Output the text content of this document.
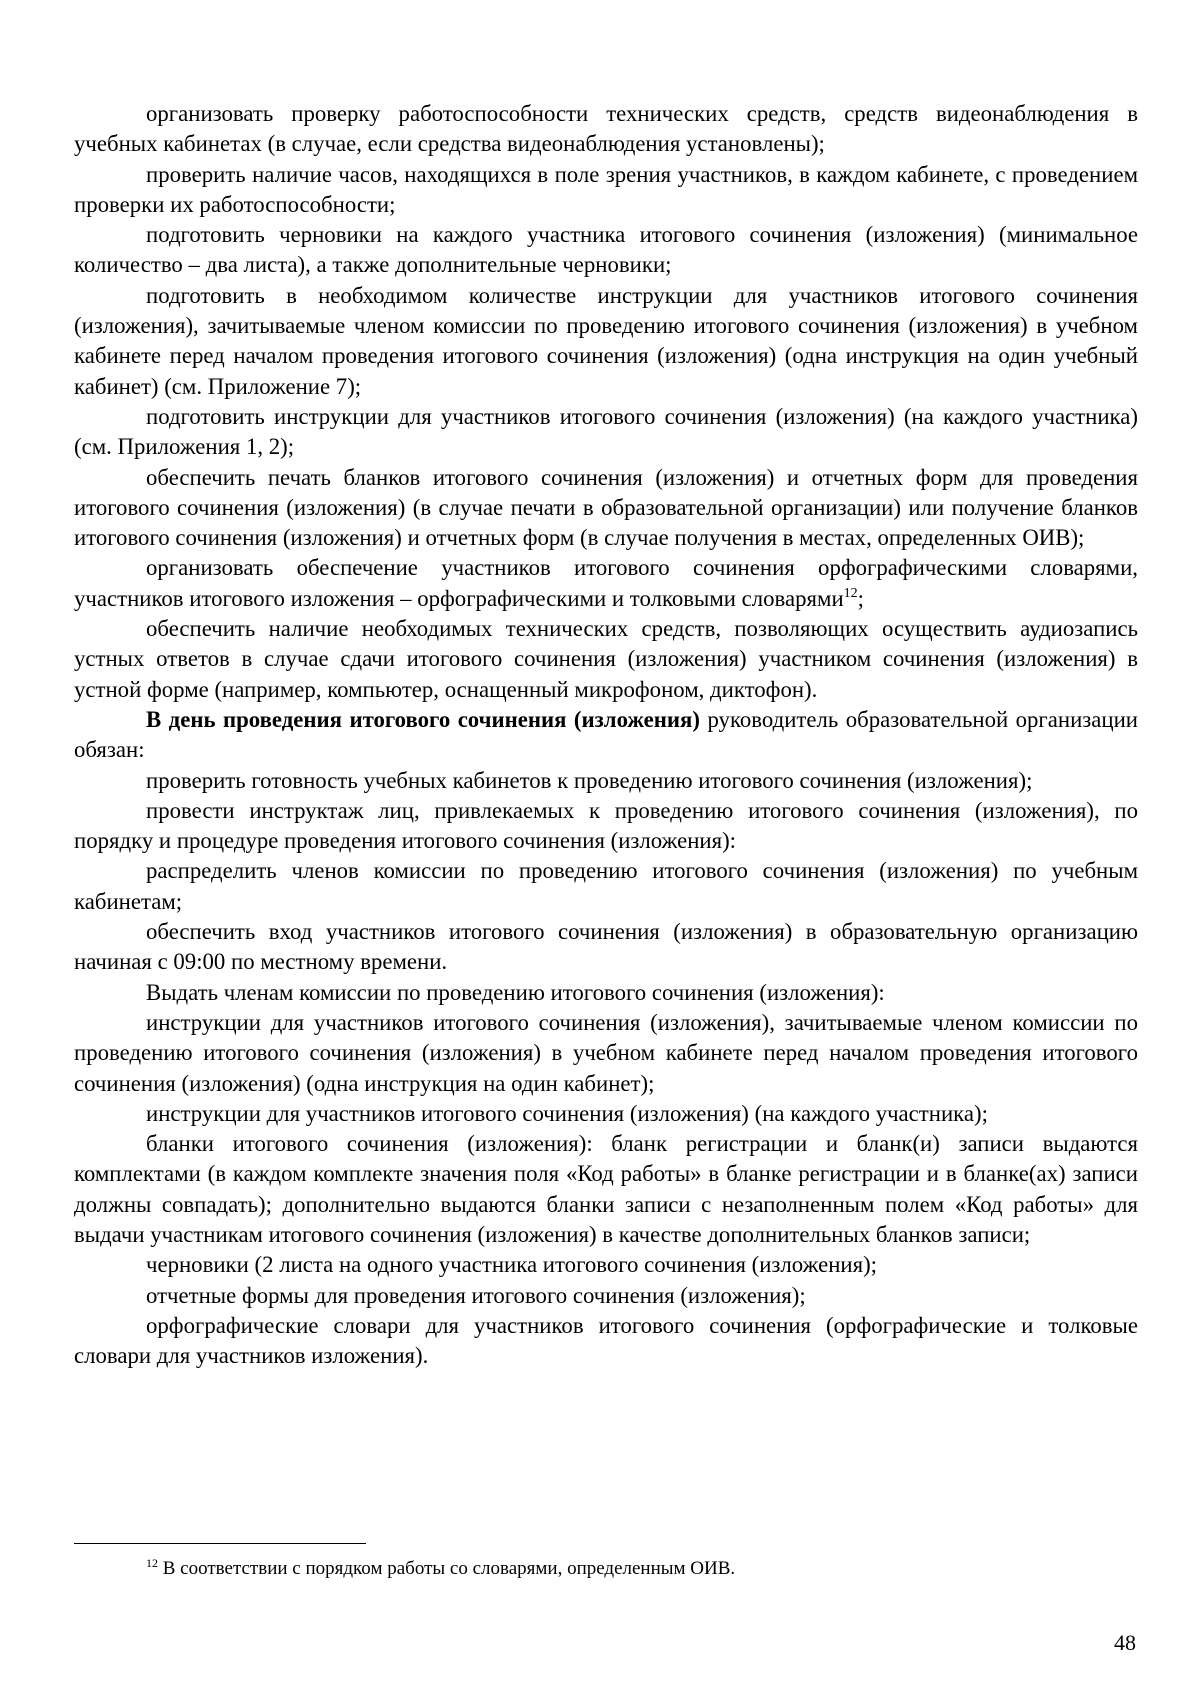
организовать проверку работоспособности технических средств, средств видеонаблюдения в учебных кабинетах (в случае, если средства видеонаблюдения установлены);

проверить наличие часов, находящихся в поле зрения участников, в каждом кабинете, с проведением проверки их работоспособности;

подготовить черновики на каждого участника итогового сочинения (изложения) (минимальное количество – два листа), а также дополнительные черновики;

подготовить в необходимом количестве инструкции для участников итогового сочинения (изложения), зачитываемые членом комиссии по проведению итогового сочинения (изложения) в учебном кабинете перед началом проведения итогового сочинения (изложения) (одна инструкция на один учебный кабинет) (см. Приложение 7);

подготовить инструкции для участников итогового сочинения (изложения) (на каждого участника) (см. Приложения 1, 2);

обеспечить печать бланков итогового сочинения (изложения) и отчетных форм для проведения итогового сочинения (изложения) (в случае печати в образовательной организации) или получение бланков итогового сочинения (изложения) и отчетных форм (в случае получения в местах, определенных ОИВ);

организовать обеспечение участников итогового сочинения орфографическими словарями, участников итогового изложения – орфографическими и толковыми словарями$^{12}$;

обеспечить наличие необходимых технических средств, позволяющих осуществить аудиозапись устных ответов в случае сдачи итогового сочинения (изложения) участником сочинения (изложения) в устной форме (например, компьютер, оснащенный микрофоном, диктофон).

В день проведения итогового сочинения (изложения) руководитель образовательной организации обязан:

проверить готовность учебных кабинетов к проведению итогового сочинения (изложения);

провести инструктаж лиц, привлекаемых к проведению итогового сочинения (изложения), по порядку и процедуре проведения итогового сочинения (изложения):

распределить членов комиссии по проведению итогового сочинения (изложения) по учебным кабинетам;

обеспечить вход участников итогового сочинения (изложения) в образовательную организацию начиная с 09:00 по местному времени.

Выдать членам комиссии по проведению итогового сочинения (изложения):

инструкции для участников итогового сочинения (изложения), зачитываемые членом комиссии по проведению итогового сочинения (изложения) в учебном кабинете перед началом проведения итогового сочинения (изложения) (одна инструкция на один кабинет);

инструкции для участников итогового сочинения (изложения) (на каждого участника);

бланки итогового сочинения (изложения): бланк регистрации и бланк(и) записи выдаются комплектами (в каждом комплекте значения поля «Код работы» в бланке регистрации и в бланке(ах) записи должны совпадать); дополнительно выдаются бланки записи с незаполненным полем «Код работы» для выдачи участникам итогового сочинения (изложения) в качестве дополнительных бланков записи;

черновики (2 листа на одного участника итогового сочинения (изложения);

отчетные формы для проведения итогового сочинения (изложения);

орфографические словари для участников итогового сочинения (орфографические и толковые словари для участников изложения).

$^{12}$ В соответствии с порядком работы со словарями, определенным ОИВ.
48
